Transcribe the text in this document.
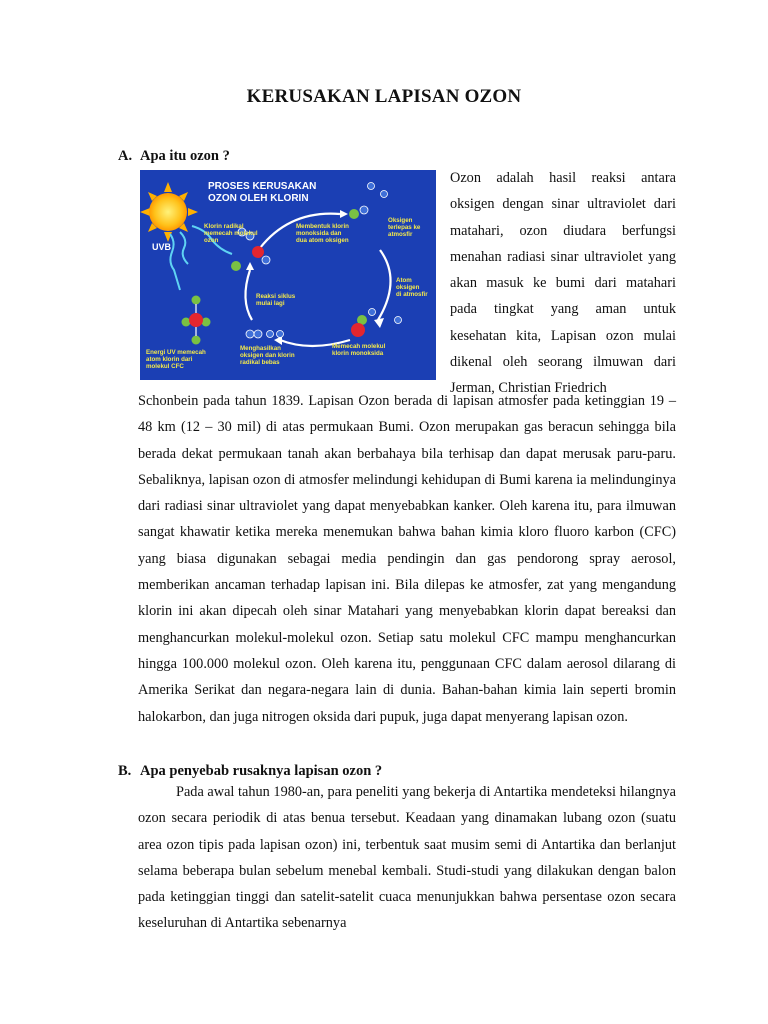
KERUSAKAN LAPISAN OZON
A. Apa itu ozon ?
UVB
PROSES KERUSAKAN
OZON OLEH KLORIN
Klorin radikal
memecah molekul
ozon
Membentuk klorin
monoksida dan
dua atom oksigen
Oksigen
terlepas ke
atmosfir
Atom
oksigen
di atmosfir
Reaksi siklus
mulai lagi
Memecah molekul
klorin monoksida
Menghasilkan
oksigen dan klorin
radikal bebas
Energi UV memecah
atom klorin dari
molekul CFC

Ozon adalah hasil reaksi antara oksigen dengan sinar ultraviolet dari matahari, ozon diudara berfungsi menahan radiasi sinar ultraviolet yang akan masuk ke bumi dari matahari pada tingkat yang aman untuk kesehatan kita, Lapisan ozon mulai dikenal oleh seorang ilmuwan dari Jerman, Christian Friedrich

Schonbein pada tahun 1839. Lapisan Ozon berada di lapisan atmosfer pada ketinggian 19 – 48 km (12 – 30 mil) di atas permukaan Bumi. Ozon merupakan gas beracun sehingga bila berada dekat permukaan tanah akan berbahaya bila terhisap dan dapat merusak paru-paru. Sebaliknya, lapisan ozon di atmosfer melindungi kehidupan di Bumi karena ia melindunginya dari radiasi sinar ultraviolet yang dapat menyebabkan kanker. Oleh karena itu, para ilmuwan sangat khawatir ketika mereka menemukan bahwa bahan kimia kloro fluoro karbon (CFC) yang biasa digunakan sebagai media pendingin dan gas pendorong spray aerosol, memberikan ancaman terhadap lapisan ini. Bila dilepas ke atmosfer, zat yang mengandung klorin ini akan dipecah oleh sinar Matahari yang menyebabkan klorin dapat bereaksi dan menghancurkan molekul-molekul ozon. Setiap satu molekul CFC mampu menghancurkan hingga 100.000 molekul ozon. Oleh karena itu, penggunaan CFC dalam aerosol dilarang di Amerika Serikat dan negara-negara lain di dunia. Bahan-bahan kimia lain seperti bromin halokarbon, dan juga nitrogen oksida dari pupuk, juga dapat menyerang lapisan ozon.

B. Apa penyebab rusaknya lapisan ozon ?

Pada awal tahun 1980-an, para peneliti yang bekerja di Antartika mendeteksi hilangnya ozon secara periodik di atas benua tersebut. Keadaan yang dinamakan lubang ozon (suatu area ozon tipis pada lapisan ozon) ini, terbentuk saat musim semi di Antartika dan berlanjut selama beberapa bulan sebelum menebal kembali. Studi-studi yang dilakukan dengan balon pada ketinggian tinggi dan satelit-satelit cuaca menunjukkan bahwa persentase ozon secara keseluruhan di Antartika sebenarnya
